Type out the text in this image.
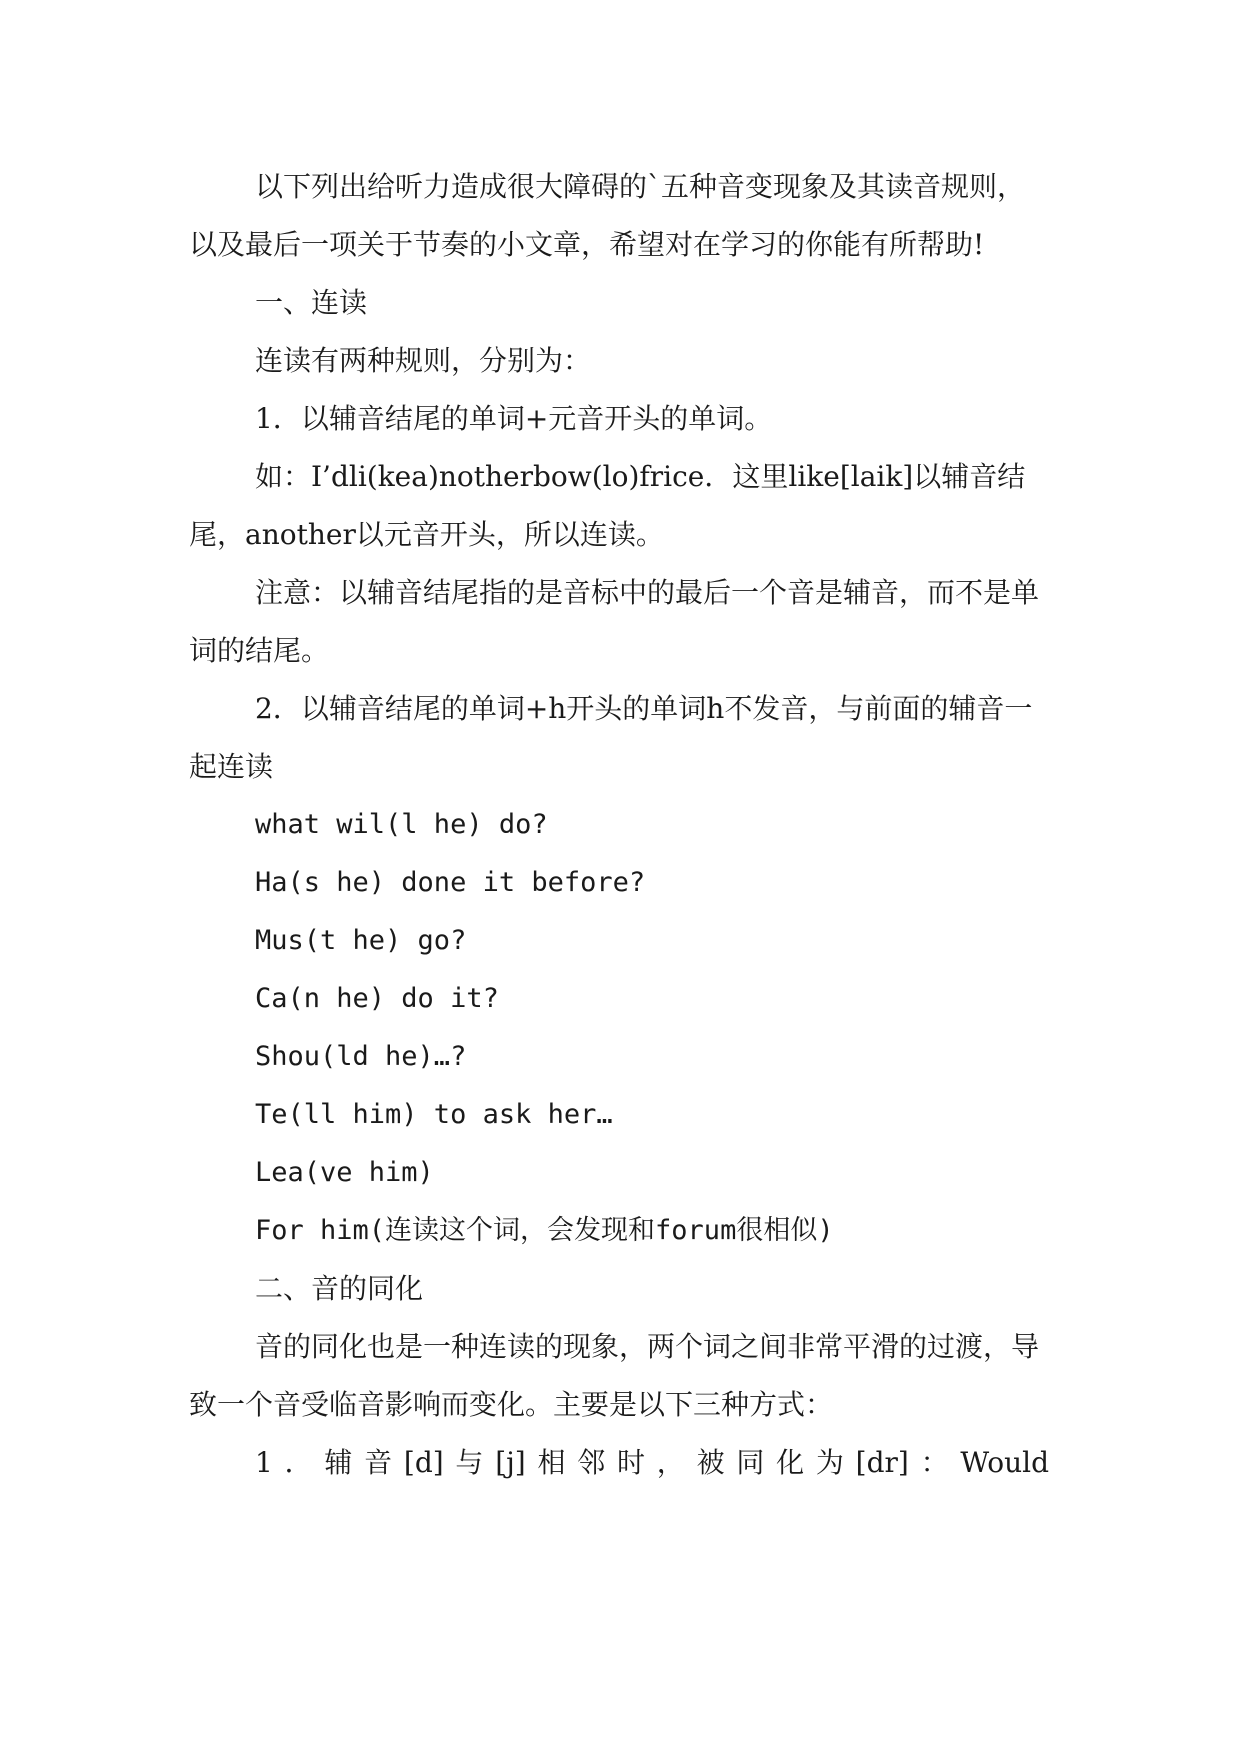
以下列出给听力造成很大障碍的`五种音变现象及其读音规则，以及最后一项关于节奏的小文章，希望对在学习的你能有所帮助!

一、连读

连读有两种规则，分别为：

1．以辅音结尾的单词+元音开头的单词。

如：I’dli(kea)notherbow(lo)frice．这里like[laik]以辅音结尾，another以元音开头，所以连读。

注意：以辅音结尾指的是音标中的最后一个音是辅音，而不是单词的结尾。

2．以辅音结尾的单词+h开头的单词h不发音，与前面的辅音一起连读

what wil(l he) do?

Ha(s he) done it before?

Mus(t he) go?

Ca(n he) do it?

Shou(ld he)…?

Te(ll him) to ask her…

Lea(ve him)

For him(连读这个词，会发现和forum很相似)

二、音的同化

音的同化也是一种连读的现象，两个词之间非常平滑的过渡，导致一个音受临音影响而变化。主要是以下三种方式：

1．辅音[d]与[j]相邻时，被同化为[dr]：Would
